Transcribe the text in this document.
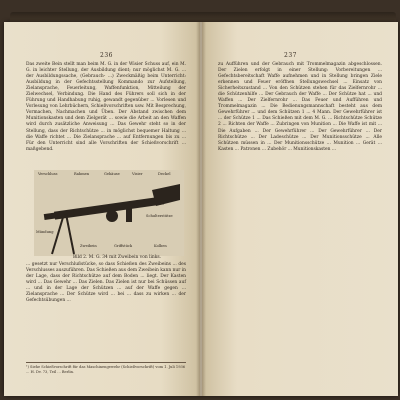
236
Das zweite Bein stellt man beim M. G. in der Wisier Schuss auf, ein M. G. in leichter Stellung, der Ausbildung dient; nur möglichst M. G. ... der Ausbildungssache, (Gebrauch- ...) Zweckmäßig beim Unterricht: Ausbildung in der Gefechtsstellung Kommando zur Aufstellung, Zielansprache, Feuerleitung, Waffenfunktion, Mitteilung der Zielwechsel, Verbindung. Die Hand des Führers soll sich in der Führung und Handhabung ruhig, gewandt gegenüber ... Vorlesen und Vorlesung von Lehrbüchern, Schießvorschriften usw. Mit Besprechung, Vormachen, Nachmachen und Üben. Der Abstand zwischen dem Munitionskasten und dem Zielgerät ... sowie die Arbeit an den Waffen wird durch zusätzliche Anweisung ... Das Gewehr steht so in der Stellung, dass der Richtschütze ... in möglichst bequemer Haltung ... die Waffe richtet ... Die Zielansprache ... auf Entfernungen bis zu ... Für den Unterricht sind alle Vorschriften der Schießvorschrift ... maßgebend.
Verschluss	Rahmen	Gehäuse	Visier	Deckel
Mündung
Schulterstütze
Zweibein	Griffstück	Kolben
Bild 2. M. G. 34 mit Zweibein von links.
... gesetzt nur Verschlußstücke, so dass Schießen des Zweibeins ... des Verschlusses auszuführen. Das Schießen aus dem Zweibein kann nur in der Lage, dass der Richtschütze auf dem Boden ... liegt. Der Kasten wird ... Das Gewehr ... Das Zielen. Das Zielen ist nur bei Schüssen auf ... und in der Lage der Schützen ... auf der Waffe gegen ... Zielansprache ... Der Schütze wird ... bei ... dass zu wirken ... der Gefechtsübungen ...
¹) Siehe Schießvorschrift für das Maschinengewehr (Schießvorschrift) vom 1. Juli 1936 ... H. Dv. 73, Teil ... Berlin.
237
zu Aufführen und der Gebrauch mit Trommelmagazin abgeschlossen. Der Zielen erfolgt in einer Stellung: Vorbereitungen ... Gefechtsbereitschaft Waffe aufnehmen und in Stellung bringen Ziele erkennen und Feuer eröffnen Stellungswechsel ... Einsatz von Sicherheitszustand ... Von den Schützen stehen für das Zielfernrohr ... die Schützenhilfe ... Der Gebrauch der Waffe ... Der Schütze hat ... und Waffen ... Der Zielfernrohr ... Das Feuer und Aufführen und Trommelmagazin ... Die Bedienungsmannschaft besteht aus dem Gewehrführer ... und dem Schützen 1 ... 4 Mann. Der Gewehrführer ist ... der Schütze 1 ... Das Schießen mit dem M. G. ... Richtschütze Schütze 2 ... Richten der Waffe ... Zubringen von Munition ... Die Waffe ist mit ... Die Aufgaben ... Der Gewehrführer ... Der Gewehrführer ... Der Richtschütze ... Der Ladeschütze ... Der Munitionsschütze ... Alle Schützen müssen in ... Der Munitionsschütze ... Munition ... Gerät ... Kasten ... Patronen ... Zubehör ... Munitionskasten ...
